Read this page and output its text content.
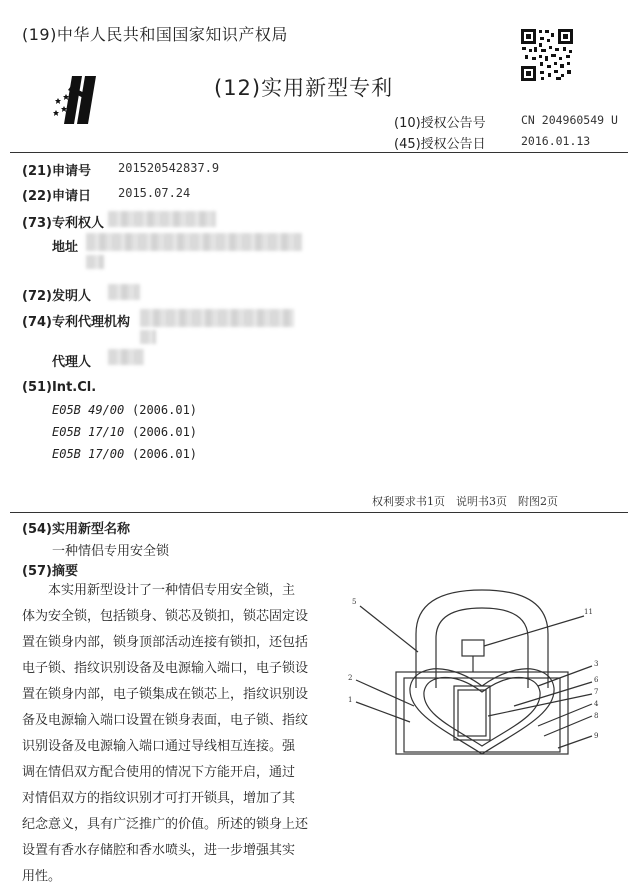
(19)中华人民共和国国家知识产权局
(12)实用新型专利
(10)授权公告号	CN 204960549 U
(45)授权公告日	2016.01.13
(21)申请号 201520542837.9
(22)申请日 2015.07.24
(73)专利权人
地址
(72)发明人
(74)专利代理机构
代理人
(51)Int.Cl.
E05B 49/00 (2006.01)
E05B 17/10 (2006.01)
E05B 17/00 (2006.01)
权利要求书1页　说明书3页　附图2页
(54)实用新型名称
一种情侣专用安全锁
(57)摘要
本实用新型设计了一种情侣专用安全锁，主
体为安全锁，包括锁身、锁芯及锁扣，锁芯固定设
置在锁身内部，锁身顶部活动连接有锁扣，还包括
电子锁、指纹识别设备及电源输入端口，电子锁设
置在锁身内部，电子锁集成在锁芯上，指纹识别设
备及电源输入端口设置在锁身表面，电子锁、指纹
识别设备及电源输入端口通过导线相互连接。强
调在情侣双方配合使用的情况下方能开启，通过
对情侣双方的指纹识别才可打开锁具，增加了其
纪念意义，具有广泛推广的价值。所述的锁身上还
设置有香水存储腔和香水喷头，进一步增强其实
用性。
5
11
2
1
3
6
7
4
8
9
